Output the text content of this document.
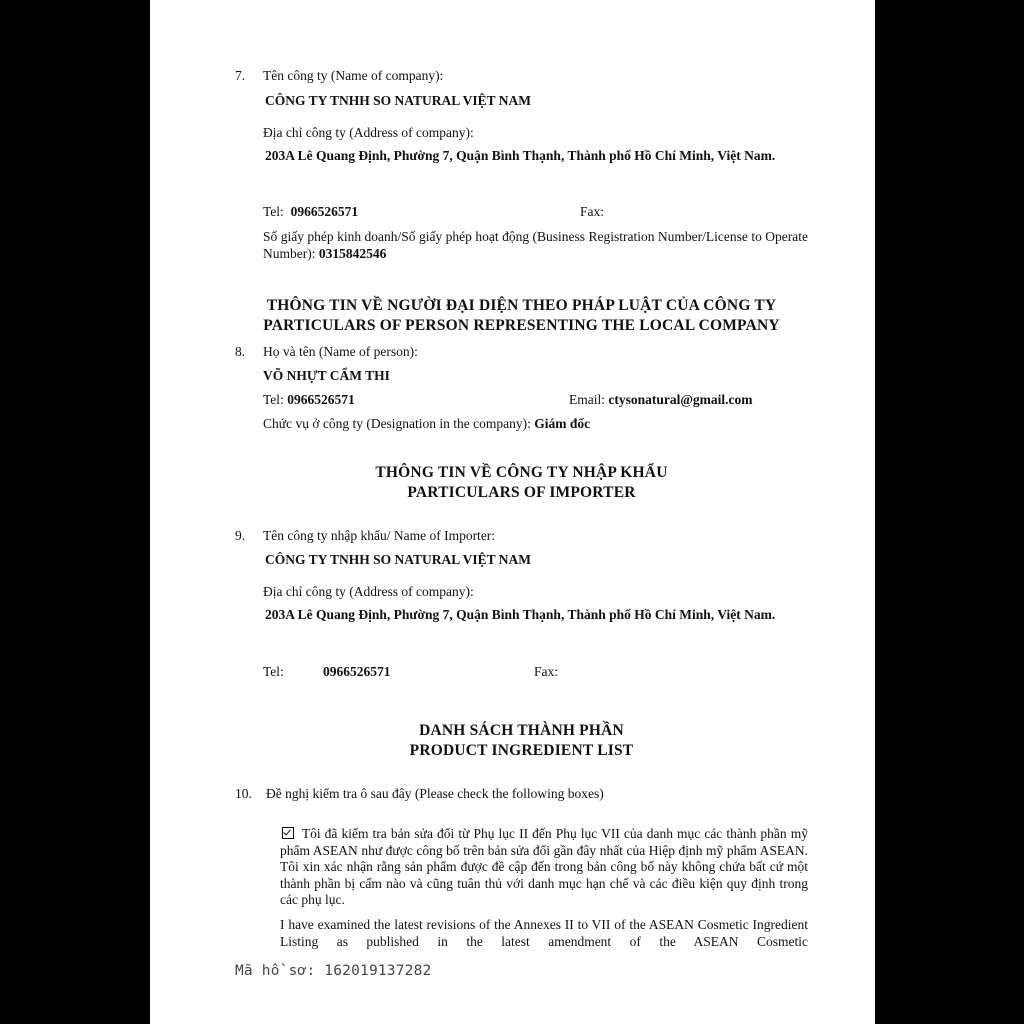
7. Tên công ty (Name of company):
CÔNG TY TNHH SO NATURAL VIỆT NAM
Địa chỉ công ty (Address of company):
203A Lê Quang Định, Phường 7, Quận Bình Thạnh, Thành phố Hồ Chí Minh, Việt Nam.
Tel: 0966526571	Fax:
Số giấy phép kinh doanh/Số giấy phép hoạt động (Business Registration Number/License to Operate Number): 0315842546
THÔNG TIN VỀ NGƯỜI ĐẠI DIỆN THEO PHÁP LUẬT CỦA CÔNG TY
PARTICULARS OF PERSON REPRESENTING THE LOCAL COMPANY
8. Họ và tên (Name of person):
VÕ NHỰT CẨM THI
Tel: 0966526571	Email: ctysonatural@gmail.com
Chức vụ ở công ty (Designation in the company): Giám đốc
THÔNG TIN VỀ CÔNG TY NHẬP KHẨU
PARTICULARS OF IMPORTER
9. Tên công ty nhập khẩu/ Name of Importer:
CÔNG TY TNHH SO NATURAL VIỆT NAM
Địa chỉ công ty (Address of company):
203A Lê Quang Định, Phường 7, Quận Bình Thạnh, Thành phố Hồ Chí Minh, Việt Nam.
Tel:	0966526571	Fax:
DANH SÁCH THÀNH PHẦN
PRODUCT INGREDIENT LIST
10. Đề nghị kiểm tra ô sau đây (Please check the following boxes)
Tôi đã kiểm tra bản sửa đổi từ Phụ lục II đến Phụ lục VII của danh mục các thành phần mỹ phẩm ASEAN như được công bố trên bản sửa đổi gần đây nhất của Hiệp định mỹ phẩm ASEAN. Tôi xin xác nhận rằng sản phẩm được đề cập đến trong bản công bố này không chứa bất cứ một thành phần bị cấm nào và cũng tuân thủ với danh mục hạn chế và các điều kiện quy định trong các phụ lục.
I have examined the latest revisions of the Annexes II to VII of the ASEAN Cosmetic Ingredient Listing as published in the latest amendment of the ASEAN Cosmetic
Mã hồ sơ: 162019137282
